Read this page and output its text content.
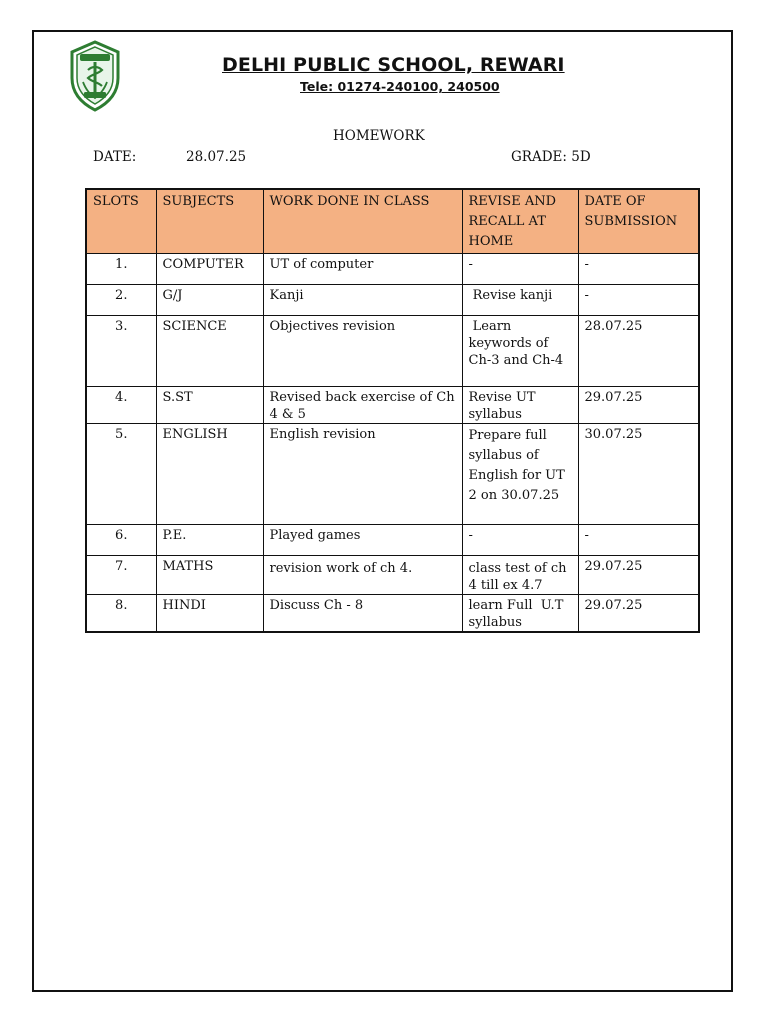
DELHI PUBLIC SCHOOL, REWARI
Tele: 01274-240100, 240500
HOMEWORK
DATE:	28.07.25	GRADE: 5D
SLOTS	SUBJECTS	WORK DONE IN CLASS	REVISE AND RECALL AT HOME	DATE OF SUBMISSION
1.	COMPUTER	UT of computer	-	-
2.	G/J	Kanji	Revise kanji	-
3.	SCIENCE	Objectives revision	Learn keywords of Ch-3 and Ch-4	28.07.25
4.	S.ST	Revised back exercise of Ch 4 & 5	Revise UT syllabus	29.07.25
5.	ENGLISH	English revision	Prepare full syllabus of English for UT 2 on 30.07.25	30.07.25
6.	P.E.	Played games	-	-
7.	MATHS	revision work of ch 4.	class test of ch 4 till ex 4.7	29.07.25
8.	HINDI	Discuss Ch - 8	learn Full  U.T syllabus	29.07.25
